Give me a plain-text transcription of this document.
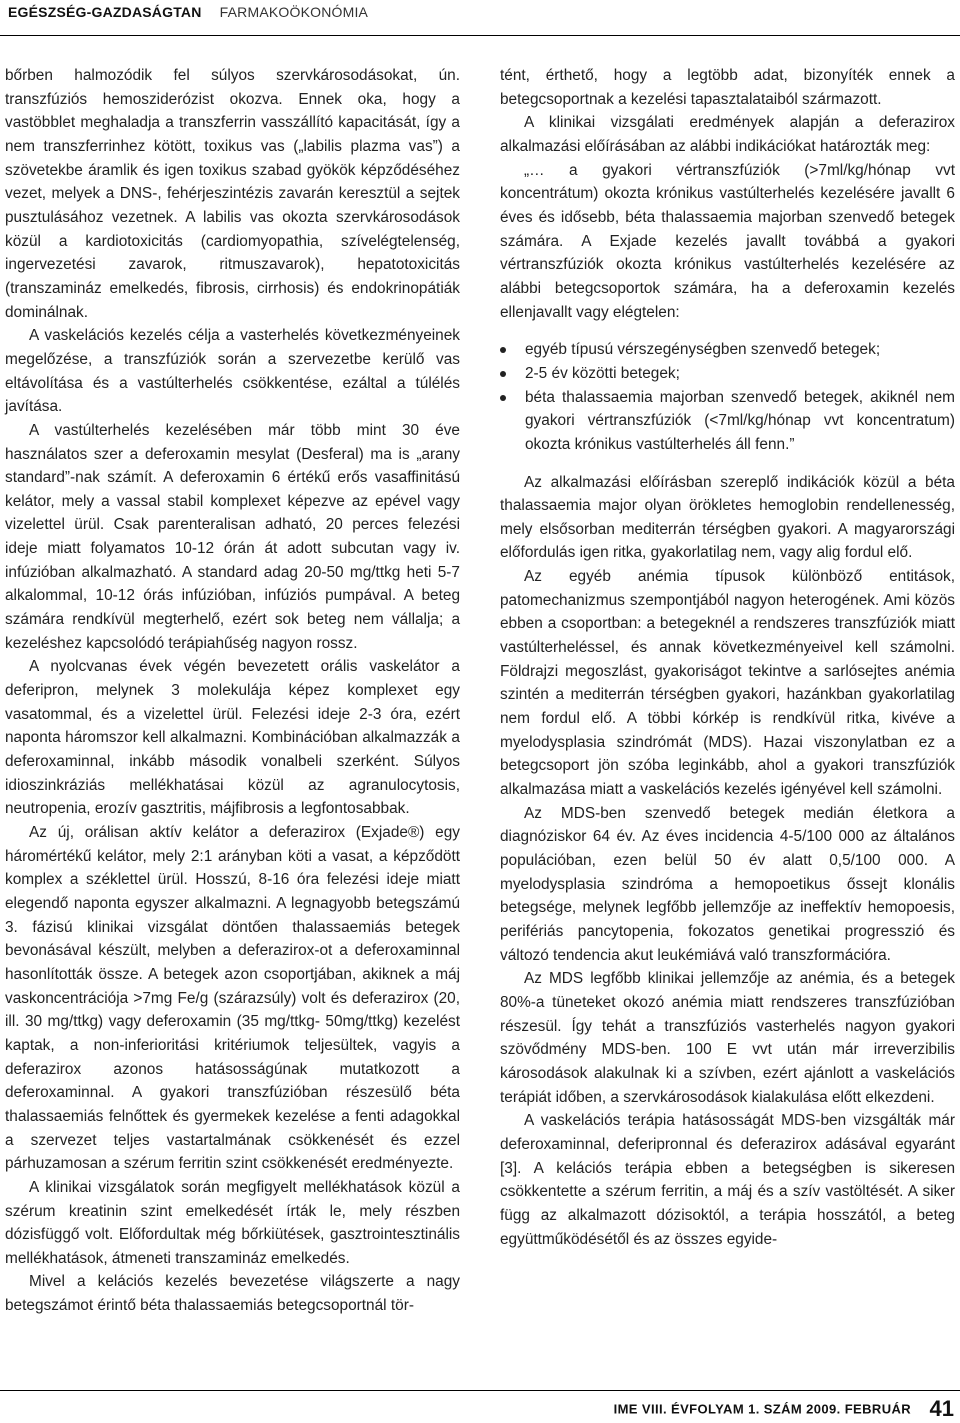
EGÉSZSÉG-GAZDASÁGTAN FARMAKOÖKONÓMIA

bőrben halmozódik fel súlyos szervkárosodásokat, ún. transzfúziós hemosziderózist okozva. Ennek oka, hogy a vastöbblet meghaladja a transzferrin vasszállító kapacitását, így a nem transzferrinhez kötött, toxikus vas („labilis plazma vas”) a szövetekbe áramlik és igen toxikus szabad gyökök képződéséhez vezet, melyek a DNS-, fehérjeszintézis zavarán keresztül a sejtek pusztulásához vezetnek. A labilis vas okozta szervkárosodások közül a kardiotoxicitás (cardiomyopathia, szívelégtelenség, ingervezetési zavarok, ritmuszavarok), hepatotoxicitás (transzamináz emelkedés, fibrosis, cirrhosis) és endokrinopátiák dominálnak.

A vaskelációs kezelés célja a vasterhelés következményeinek megelőzése, a transzfúziók során a szervezetbe kerülő vas eltávolítása és a vastúlterhelés csökkentése, ezáltal a túlélés javítása.

A vastúlterhelés kezelésében már több mint 30 éve használatos szer a deferoxamin mesylat (Desferal) ma is „arany standard”-nak számít. A deferoxamin 6 értékű erős vasaffinitású kelátor, mely a vassal stabil komplexet képezve az epével vagy vizelettel ürül. Csak parenteralisan adható, 20 perces felezési ideje miatt folyamatos 10-12 órán át adott subcutan vagy iv. infúzióban alkalmazható. A standard adag 20-50 mg/ttkg heti 5-7 alkalommal, 10-12 órás infúzióban, infúziós pumpával. A beteg számára rendkívül megterhelő, ezért sok beteg nem vállalja; a kezeléshez kapcsolódó terápiahűség nagyon rossz.

A nyolcvanas évek végén bevezetett orális vaskelátor a deferipron, melynek 3 molekulája képez komplexet egy vasatommal, és a vizelettel ürül. Felezési ideje 2-3 óra, ezért naponta háromszor kell alkalmazni. Kombinációban alkalmazzák a deferoxaminnal, inkább második vonalbeli szerként. Súlyos idioszinkráziás mellékhatásai közül az agranulocytosis, neutropenia, erozív gasztritis, májfibrosis a legfontosabbak.

Az új, orálisan aktív kelátor a deferazirox (Exjade®) egy háromértékű kelátor, mely 2:1 arányban köti a vasat, a képződött komplex a széklettel ürül. Hosszú, 8-16 óra felezési ideje miatt elegendő naponta egyszer alkalmazni. A legnagyobb betegszámú 3. fázisú klinikai vizsgálat döntően thalassaemiás betegek bevonásával készült, melyben a deferazirox-ot a deferoxaminnal hasonlították össze. A betegek azon csoportjában, akiknek a máj vaskoncentrációja >7mg Fe/g (szárazsúly) volt és deferazirox (20, ill. 30 mg/ttkg) vagy deferoxamin (35 mg/ttkg- 50mg/ttkg) kezelést kaptak, a non-inferioritási kritériumok teljesültek, vagyis a deferazirox azonos hatásosságúnak mutatkozott a deferoxaminnal. A gyakori transzfúzióban részesülő béta thalassaemiás felnőttek és gyermekek kezelése a fenti adagokkal a szervezet teljes vastartalmának csökkenését és ezzel párhuzamosan a szérum ferritin szint csökkenését eredményezte.

A klinikai vizsgálatok során megfigyelt mellékhatások közül a szérum kreatinin szint emelkedését írták le, mely részben dózisfüggő volt. Előfordultak még bőrkiütések, gasztrointesztinális mellékhatások, átmeneti transzamináz emelkedés.

Mivel a kelációs kezelés bevezetése világszerte a nagy betegszámot érintő béta thalassaemiás betegcsoportnál tör-

tént, érthető, hogy a legtöbb adat, bizonyíték ennek a betegcsoportnak a kezelési tapasztalataiból származott.

A klinikai vizsgálati eredmények alapján a deferazirox alkalmazási előírásában az alábbi indikációkat határozták meg:

„… a gyakori vértranszfúziók (>7ml/kg/hónap vvt koncentrátum) okozta krónikus vastúlterhelés kezelésére javallt 6 éves és idősebb, béta thalassaemia majorban szenvedő betegek számára. A Exjade kezelés javallt továbbá a gyakori vértranszfúziók okozta krónikus vastúlterhelés kezelésére az alábbi betegcsoportok számára, ha a deferoxamin kezelés ellenjavallt vagy elégtelen:

egyéb típusú vérszegénységben szenvedő betegek;
2-5 év közötti betegek;
béta thalassaemia majorban szenvedő betegek, akiknél nem gyakori vértranszfúziók (<7ml/kg/hónap vvt koncentratum) okozta krónikus vastúlterhelés áll fenn.”

Az alkalmazási előírásban szereplő indikációk közül a béta thalassaemia major olyan örökletes hemoglobin rendellenesség, mely elsősorban mediterrán térségben gyakori. A magyarországi előfordulás igen ritka, gyakorlatilag nem, vagy alig fordul elő.

Az egyéb anémia típusok különböző entitások, patomechanizmus szempontjából nagyon heterogének. Ami közös ebben a csoportban: a betegeknél a rendszeres transzfúziók miatt vastúlterheléssel, és annak következményeivel kell számolni. Földrajzi megoszlást, gyakoriságot tekintve a sarlósejtes anémia szintén a mediterrán térségben gyakori, hazánkban gyakorlatilag nem fordul elő. A többi kórkép is rendkívül ritka, kivéve a myelodysplasia szindrómát (MDS). Hazai viszonylatban ez a betegcsoport jön szóba leginkább, ahol a gyakori transzfúziók alkalmazása miatt a vaskelációs kezelés igényével kell számolni.

Az MDS-ben szenvedő betegek medián életkora a diagnóziskor 64 év. Az éves incidencia 4-5/100 000 az általános populációban, ezen belül 50 év alatt 0,5/100 000. A myelodysplasia szindróma a hemopoetikus őssejt klonális betegsége, melynek legfőbb jellemzője az ineffektív hemopoesis, perifériás pancytopenia, fokozatos genetikai progresszió és változó tendencia akut leukémiává való transzformációra.

Az MDS legfőbb klinikai jellemzője az anémia, és a betegek 80%-a tüneteket okozó anémia miatt rendszeres transzfúzióban részesül. Így tehát a transzfúziós vasterhelés nagyon gyakori szövődmény MDS-ben. 100 E vvt után már irreverzibilis károsodások alakulnak ki a szívben, ezért ajánlott a vaskelációs terápiát időben, a szervkárosodások kialakulása előtt elkezdeni.

A vaskelációs terápia hatásosságát MDS-ben vizsgálták már deferoxaminnal, deferipronnal és deferazirox adásával egyaránt [3]. A kelációs terápia ebben a betegségben is sikeresen csökkentette a szérum ferritin, a máj és a szív vastöltését. A siker függ az alkalmazott dózisoktól, a terápia hosszától, a beteg együttműködésétől és az összes egyide-

IME VIII. ÉVFOLYAM 1. SZÁM 2009. FEBRUÁR 41
